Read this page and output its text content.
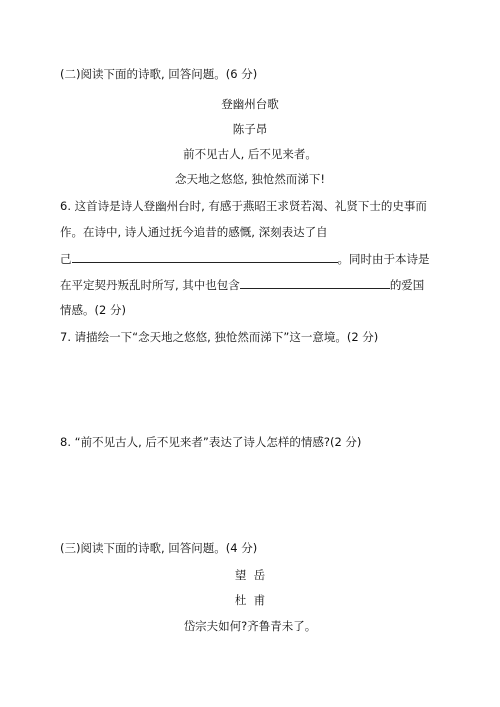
(二)阅读下面的诗歌, 回答问题。(6 分)
登幽州台歌
陈子昂
前不见古人, 后不见来者。
念天地之悠悠, 独怆然而涕下!
6. 这首诗是诗人登幽州台时, 有感于燕昭王求贤若渴、礼贤下士的史事而
作。在诗中, 诗人通过抚今追昔的感慨, 深刻表达了自
己	。同时由于本诗是
在平定契丹叛乱时所写, 其中也包含	的爱国
情感。(2 分)
7. 请描绘一下“念天地之悠悠, 独怆然而涕下”这一意境。(2 分)
8. “前不见古人, 后不见来者”表达了诗人怎样的情感?(2 分)
(三)阅读下面的诗歌, 回答问题。(4 分)
望  岳
杜  甫
岱宗夫如何?齐鲁青未了。
